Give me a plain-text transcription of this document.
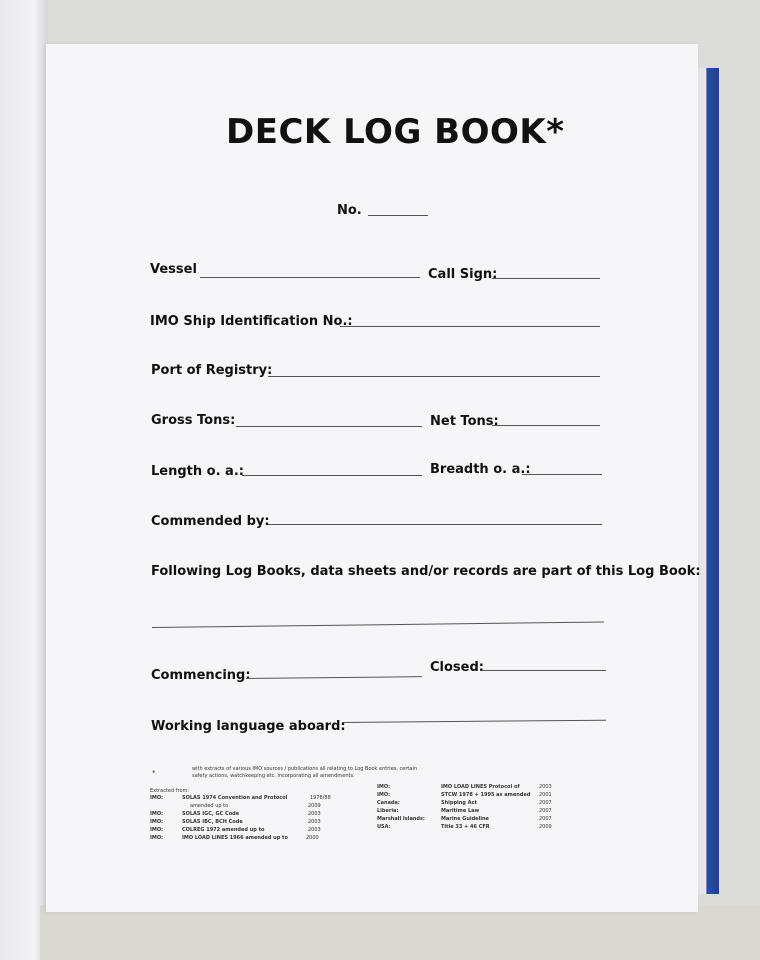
DECK LOG BOOK*
No.
Vessel	Call Sign:
IMO Ship Identification No.:
Port of Registry:
Gross Tons:	Net Tons:
Length o. a.:	Breadth o. a.:
Commended by:
Following Log Books, data sheets and/or records are part of this Log Book:
Commencing:
Closed:
Working language aboard:
*	with extracts of various IMO sources / publications all relating to Log Book entries, certain
safety actions, watchkeeping etc. incorporating all amendments.
Extracted from:
IMO:	SOLAS 1974 Convention and Protocol	1978/88
amended up to	2009
IMO:	SOLAS IGC, GC Code	2003
IMO:	SOLAS IBC, BCH Code	2003
IMO:	COLREG 1972 amended up to	2003
IMO:	IMO LOAD LINES 1966 amended up to	2000
IMO:	IMO LOAD LINES Protocol of	2003
IMO:	STCW 1978 + 1995 as amended 2001
Canada:	Shipping Act	2007
Liberia:	Maritime Law	2007
Marshall Islands:	Marine Guideline	2007
USA:	Title 33 + 46 CFR	2009
